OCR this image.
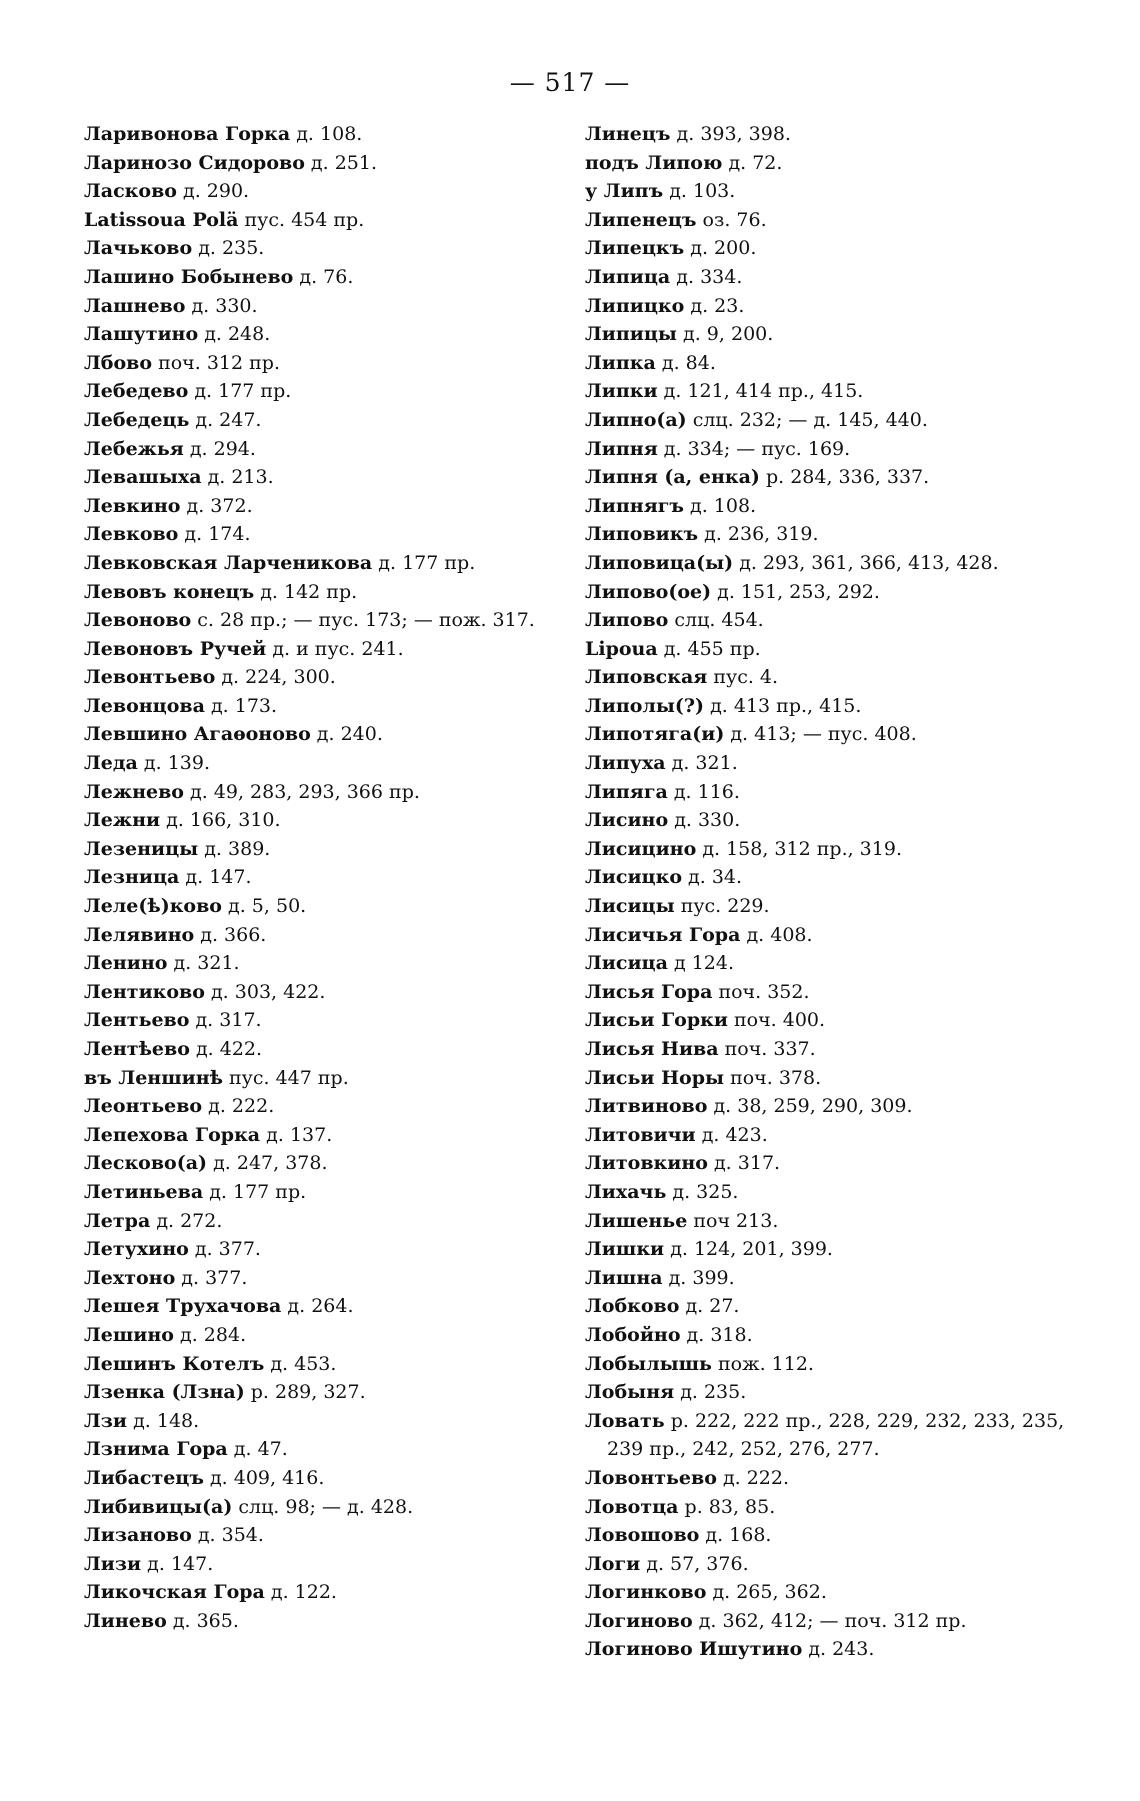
— 517 —
Ларивонова Горка д. 108.
Ларинозо Сидорово д. 251.
Ласково д. 290.
Latissoua Polä пус. 454 пр.
Лачьково д. 235.
Лашино Бобынево д. 76.
Лашнево д. 330.
Лашутино д. 248.
Лбово поч. 312 пр.
Лебедево д. 177 пр.
Лебедець д. 247.
Лебежья д. 294.
Левашыха д. 213.
Левкино д. 372.
Левково д. 174.
Левковская Ларченикова д. 177 пр.
Левовъ конецъ д. 142 пр.
Левоново с. 28 пр.; — пус. 173; — пож. 317.
Левоновъ Ручей д. и пус. 241.
Левонтьево д. 224, 300.
Левонцова д. 173.
Левшино Агаѳоново д. 240.
Леда д. 139.
Лежнево д. 49, 283, 293, 366 пр.
Лежни д. 166, 310.
Лезеницы д. 389.
Лезница д. 147.
Леле(ѣ)ково д. 5, 50.
Лелявино д. 366.
Ленино д. 321.
Лентиково д. 303, 422.
Лентьево д. 317.
Лентѣево д. 422.
въ Леншинѣ пус. 447 пр.
Леонтьево д. 222.
Лепехова Горка д. 137.
Лесково(а) д. 247, 378.
Летиньева д. 177 пр.
Летра д. 272.
Летухино д. 377.
Лехтоно д. 377.
Лешея Трухачова д. 264.
Лешино д. 284.
Лешинъ Котелъ д. 453.
Лзенка (Лзна) р. 289, 327.
Лзи д. 148.
Лзнима Гора д. 47.
Либастецъ д. 409, 416.
Либивицы(а) слц. 98; — д. 428.
Лизаново д. 354.
Лизи д. 147.
Ликочская Гора д. 122.
Линево д. 365.
Линецъ д. 393, 398.
подъ Липою д. 72.
у Липъ д. 103.
Липенецъ оз. 76.
Липецкъ д. 200.
Липица д. 334.
Липицко д. 23.
Липицы д. 9, 200.
Липка д. 84.
Липки д. 121, 414 пр., 415.
Липно(а) слц. 232; — д. 145, 440.
Липня д. 334; — пус. 169.
Липня (а, енка) р. 284, 336, 337.
Липнягъ д. 108.
Липовикъ д. 236, 319.
Липовица(ы) д. 293, 361, 366, 413, 428.
Липово(ое) д. 151, 253, 292.
Липово слц. 454.
Lipoua д. 455 пр.
Липовская пус. 4.
Липолы(?) д. 413 пр., 415.
Липотяга(и) д. 413; — пус. 408.
Липуха д. 321.
Липяга д. 116.
Лисино д. 330.
Лисицино д. 158, 312 пр., 319.
Лисицко д. 34.
Лисицы пус. 229.
Лисичья Гора д. 408.
Лисица д 124.
Лисья Гора поч. 352.
Лисьи Горки поч. 400.
Лисья Нива поч. 337.
Лисьи Норы поч. 378.
Литвиново д. 38, 259, 290, 309.
Литовичи д. 423.
Литовкино д. 317.
Лихачь д. 325.
Лишенье поч 213.
Лишки д. 124, 201, 399.
Лишна д. 399.
Лобково д. 27.
Лобойно д. 318.
Лобылышь пож. 112.
Лобыня д. 235.
Ловать р. 222, 222 пр., 228, 229, 232, 233, 235, 239 пр., 242, 252, 276, 277.
Ловонтьево д. 222.
Ловотца р. 83, 85.
Ловошово д. 168.
Логи д. 57, 376.
Логинково д. 265, 362.
Логиново д. 362, 412; — поч. 312 пр.
Логиново Ишутино д. 243.
